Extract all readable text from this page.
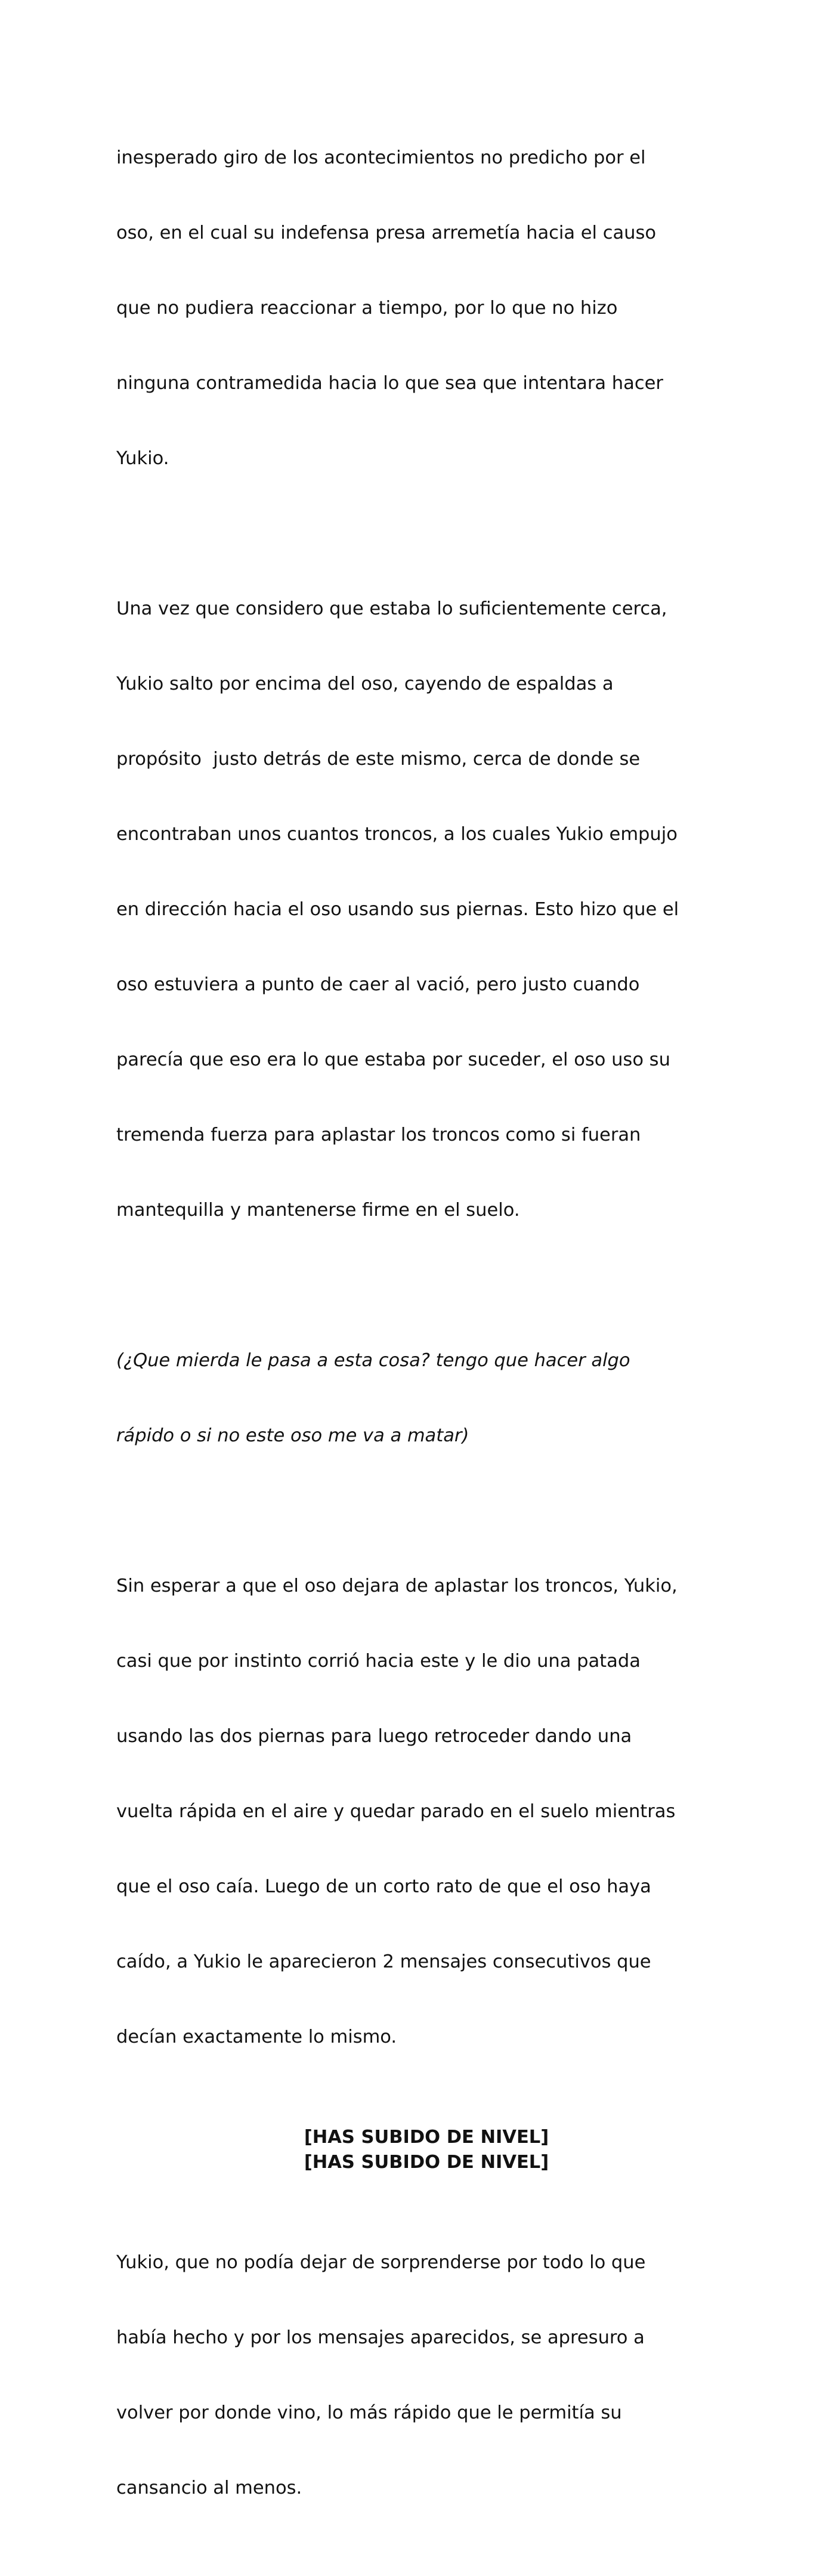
inesperado giro de los acontecimientos no predicho por el

oso, en el cual su indefensa presa arremetía hacia el causo

que no pudiera reaccionar a tiempo, por lo que no hizo

ninguna contramedida hacia lo que sea que intentara hacer

Yukio.

Una vez que considero que estaba lo suficientemente cerca,

Yukio salto por encima del oso, cayendo de espaldas a

propósito  justo detrás de este mismo, cerca de donde se

encontraban unos cuantos troncos, a los cuales Yukio empujo

en dirección hacia el oso usando sus piernas. Esto hizo que el

oso estuviera a punto de caer al vació, pero justo cuando

parecía que eso era lo que estaba por suceder, el oso uso su

tremenda fuerza para aplastar los troncos como si fueran

mantequilla y mantenerse firme en el suelo.

(¿Que mierda le pasa a esta cosa? tengo que hacer algo

rápido o si no este oso me va a matar)

Sin esperar a que el oso dejara de aplastar los troncos, Yukio,

casi que por instinto corrió hacia este y le dio una patada

usando las dos piernas para luego retroceder dando una

vuelta rápida en el aire y quedar parado en el suelo mientras

que el oso caía. Luego de un corto rato de que el oso haya

caído, a Yukio le aparecieron 2 mensajes consecutivos que

decían exactamente lo mismo.

[HAS SUBIDO DE NIVEL]
[HAS SUBIDO DE NIVEL]

Yukio, que no podía dejar de sorprenderse por todo lo que

había hecho y por los mensajes aparecidos, se apresuro a

volver por donde vino, lo más rápido que le permitía su

cansancio al menos.
